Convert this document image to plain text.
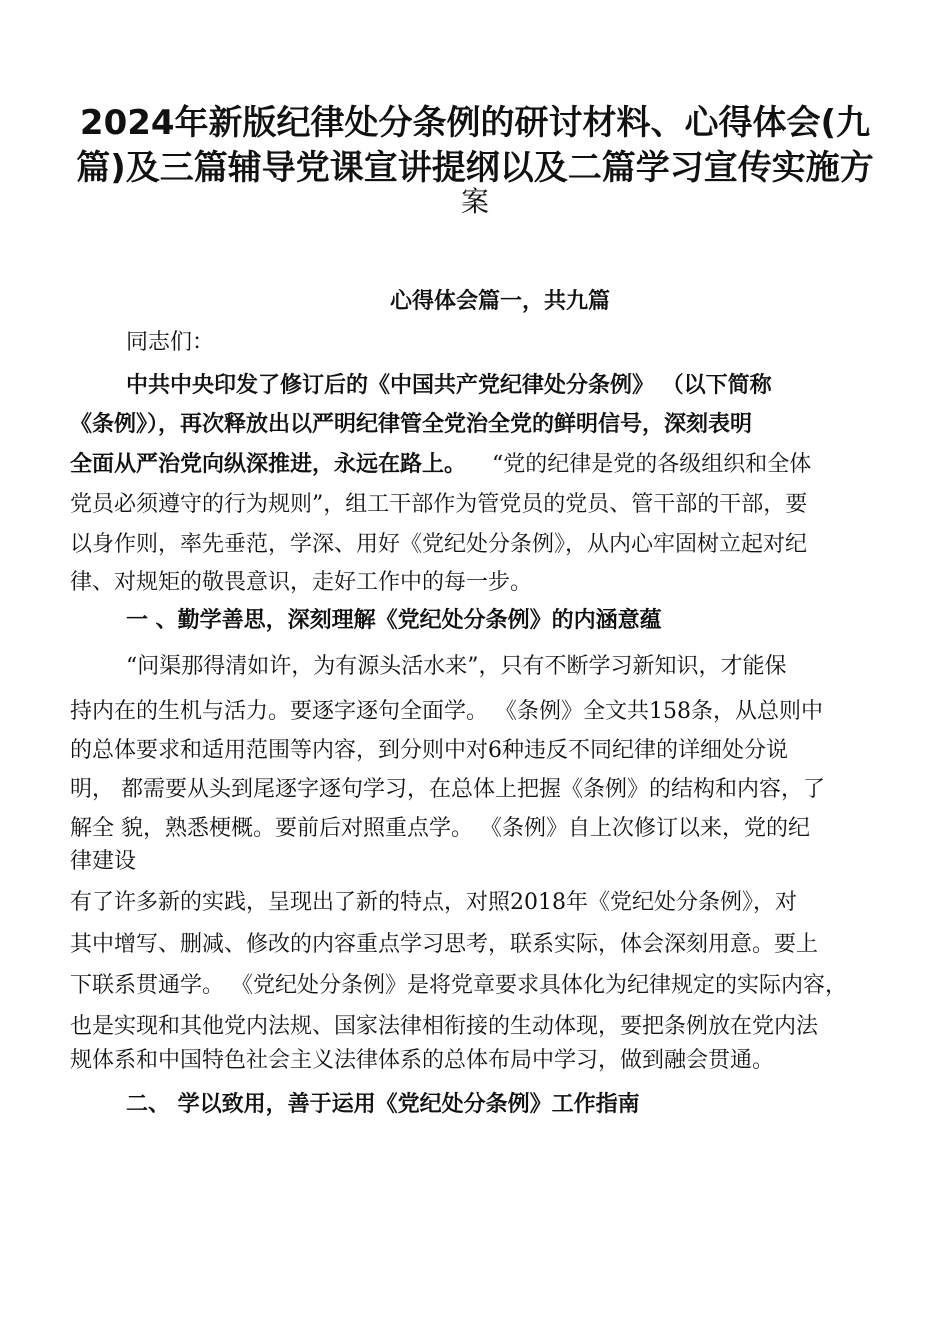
2024年新版纪律处分条例的研讨材料、心得体会(九
篇)及三篇辅导党课宣讲提纲以及二篇学习宣传实施方
案
心得体会篇一，共九篇
同志们：
中共中央印发了修订后的《中国共产党纪律处分条例》 （以下简称
《条例》），再次释放出以严明纪律管全党治全党的鲜明信号，深刻表明
全面从严治党向纵深推进，永远在路上。 “党的纪律是党的各级组织和全体
党员必须遵守的行为规则”，组工干部作为管党员的党员、管干部的干部，要
以身作则，率先垂范，学深、用好《党纪处分条例》，从内心牢固树立起对纪
律、对规矩的敬畏意识，走好工作中的每一步。
一 、勤学善思，深刻理解《党纪处分条例》的内涵意蕴
“问渠那得清如许，为有源头活水来”，只有不断学习新知识，才能保
持内在的生机与活力。要逐字逐句全面学。 《条例》全文共158条，从总则中
的总体要求和适用范围等内容，到分则中对6种违反不同纪律的详细处分说
明， 都需要从头到尾逐字逐句学习，在总体上把握《条例》的结构和内容，了
解全 貌，熟悉梗概。要前后对照重点学。 《条例》自上次修订以来，党的纪
律建设
有了许多新的实践，呈现出了新的特点，对照2018年《党纪处分条例》，对
其中增写、删减、修改的内容重点学习思考，联系实际，体会深刻用意。要上
下联系贯通学。 《党纪处分条例》是将党章要求具体化为纪律规定的实际内容，
也是实现和其他党内法规、国家法律相衔接的生动体现，要把条例放在党内法
规体系和中国特色社会主义法律体系的总体布局中学习，做到融会贯通。
二、 学以致用，善于运用《党纪处分条例》工作指南
